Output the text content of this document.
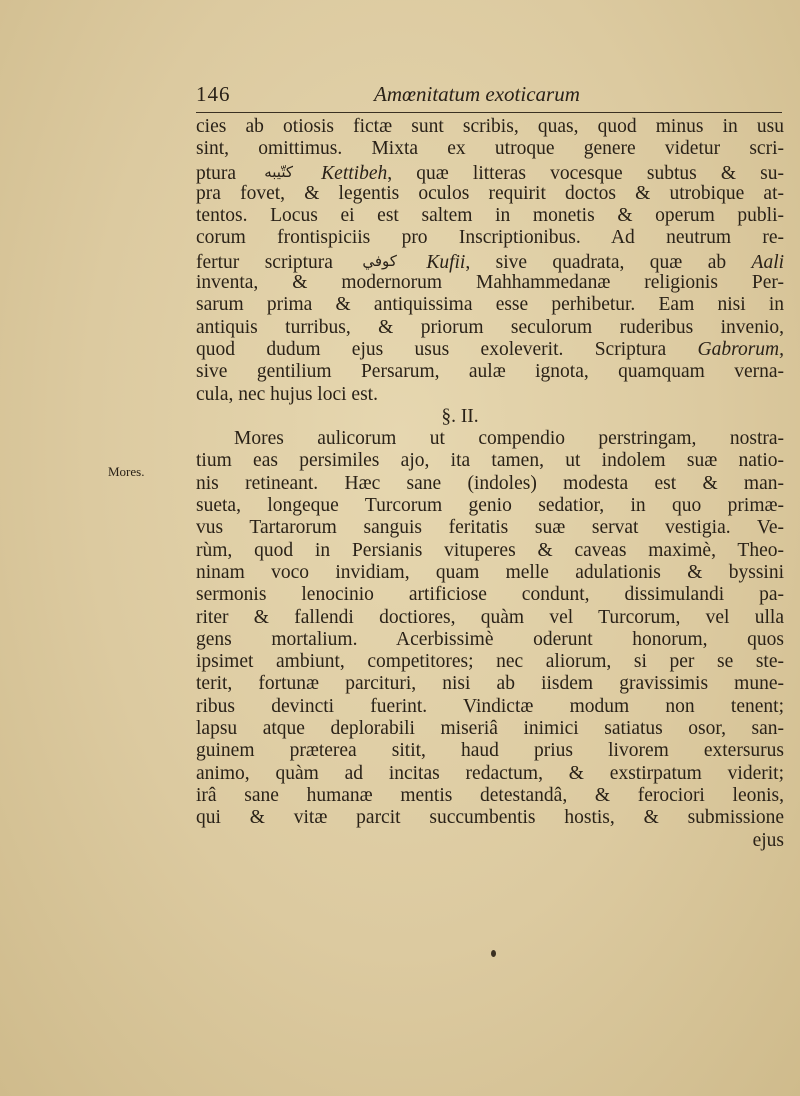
146	Amœnitatum exoticarum
Mores.
cies ab otiosis fictæ sunt scribis, quas, quod minus in usu
sint, omittimus. Mixta ex utroque genere videtur scri-
ptura كتّيبه Kettibeh, quæ litteras vocesque subtus & su-
pra fovet, & legentis oculos requirit doctos & utrobique at-
tentos. Locus ei est saltem in monetis & operum publi-
corum frontispiciis pro Inscriptionibus. Ad neutrum re-
fertur scriptura كوفي Kufii, sive quadrata, quæ ab Aali
inventa, & modernorum Mahhammedanæ religionis Per-
sarum prima & antiquissima esse perhibetur. Eam nisi in
antiquis turribus, & priorum seculorum ruderibus invenio,
quod dudum ejus usus exoleverit. Scriptura Gabrorum,
sive gentilium Persarum, aulæ ignota, quamquam verna-
cula, nec hujus loci est.
§. II.
Mores aulicorum ut compendio perstringam, nostra-
tium eas persimiles ajo, ita tamen, ut indolem suæ natio-
nis retineant. Hæc sane (indoles) modesta est & man-
sueta, longeque Turcorum genio sedatior, in quo primæ-
vus Tartarorum sanguis feritatis suæ servat vestigia. Ve-
rùm, quod in Persianis vituperes & caveas maximè, Theo-
ninam voco invidiam, quam melle adulationis & byssini
sermonis lenocinio artificiose condunt, dissimulandi pa-
riter & fallendi doctiores, quàm vel Turcorum, vel ulla
gens mortalium. Acerbissimè oderunt honorum, quos
ipsimet ambiunt, competitores; nec aliorum, si per se ste-
terit, fortunæ parcituri, nisi ab iisdem gravissimis mune-
ribus devincti fuerint. Vindictæ modum non tenent;
lapsu atque deplorabili miseriâ inimici satiatus osor, san-
guinem præterea sitit, haud prius livorem extersurus
animo, quàm ad incitas redactum, & exstirpatum viderit;
irâ sane humanæ mentis detestandâ, & ferociori leonis,
qui & vitæ parcit succumbentis hostis, & submissione
ejus
